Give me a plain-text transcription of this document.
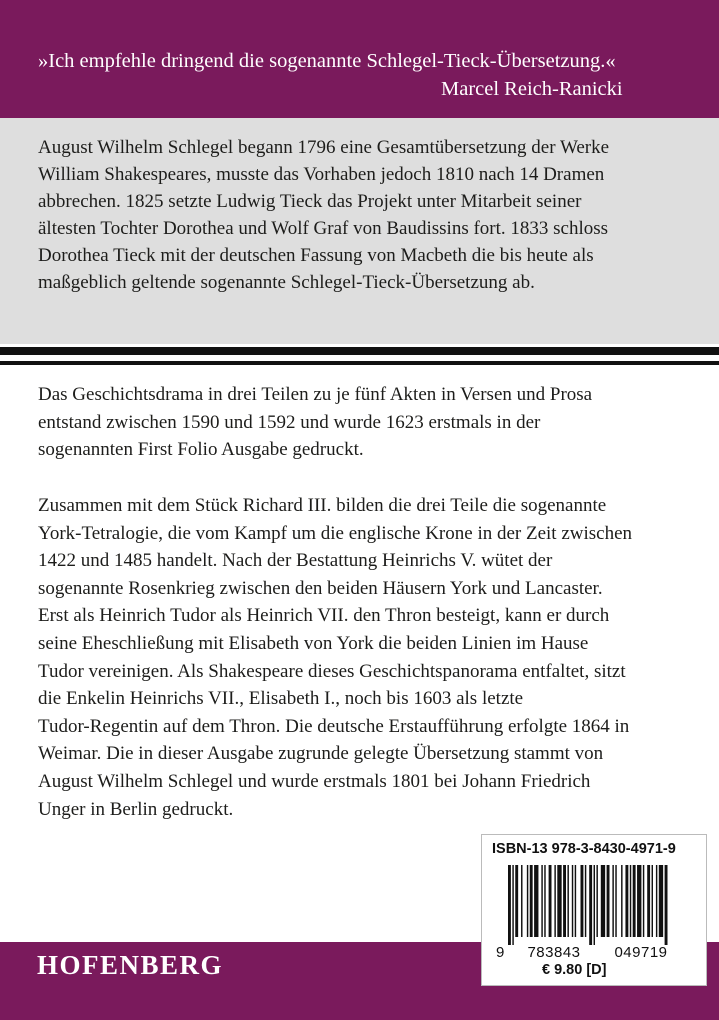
»Ich empfehle dringend die sogenannte Schlegel-Tieck-Übersetzung.«
Marcel Reich-Ranicki
August Wilhelm Schlegel begann 1796 eine Gesamtübersetzung der Werke
William Shakespeares, musste das Vorhaben jedoch 1810 nach 14 Dramen
abbrechen. 1825 setzte Ludwig Tieck das Projekt unter Mitarbeit seiner
ältesten Tochter Dorothea und Wolf Graf von Baudissins fort. 1833 schloss
Dorothea Tieck mit der deutschen Fassung von Macbeth die bis heute als
maßgeblich geltende sogenannte Schlegel-Tieck-Übersetzung ab.
Das Geschichtsdrama in drei Teilen zu je fünf Akten in Versen und Prosa
entstand zwischen 1590 und 1592 und wurde 1623 erstmals in der
sogenannten First Folio Ausgabe gedruckt.
Zusammen mit dem Stück Richard III. bilden die drei Teile die sogenannte
York-Tetralogie, die vom Kampf um die englische Krone in der Zeit zwischen
1422 und 1485 handelt. Nach der Bestattung Heinrichs V. wütet der
sogenannte Rosenkrieg zwischen den beiden Häusern York und Lancaster.
Erst als Heinrich Tudor als Heinrich VII. den Thron besteigt, kann er durch
seine Eheschließung mit Elisabeth von York die beiden Linien im Hause
Tudor vereinigen. Als Shakespeare dieses Geschichtspanorama entfaltet, sitzt
die Enkelin Heinrichs VII., Elisabeth I., noch bis 1603 als letzte
Tudor-Regentin auf dem Thron. Die deutsche Erstaufführung erfolgte 1864 in
Weimar. Die in dieser Ausgabe zugrunde gelegte Übersetzung stammt von
August Wilhelm Schlegel und wurde erstmals 1801 bei Johann Friedrich
Unger in Berlin gedruckt.
HOFENBERG
ISBN-13 978-3-8430-4971-9
9 783843 049719
€ 9.80 [D]
